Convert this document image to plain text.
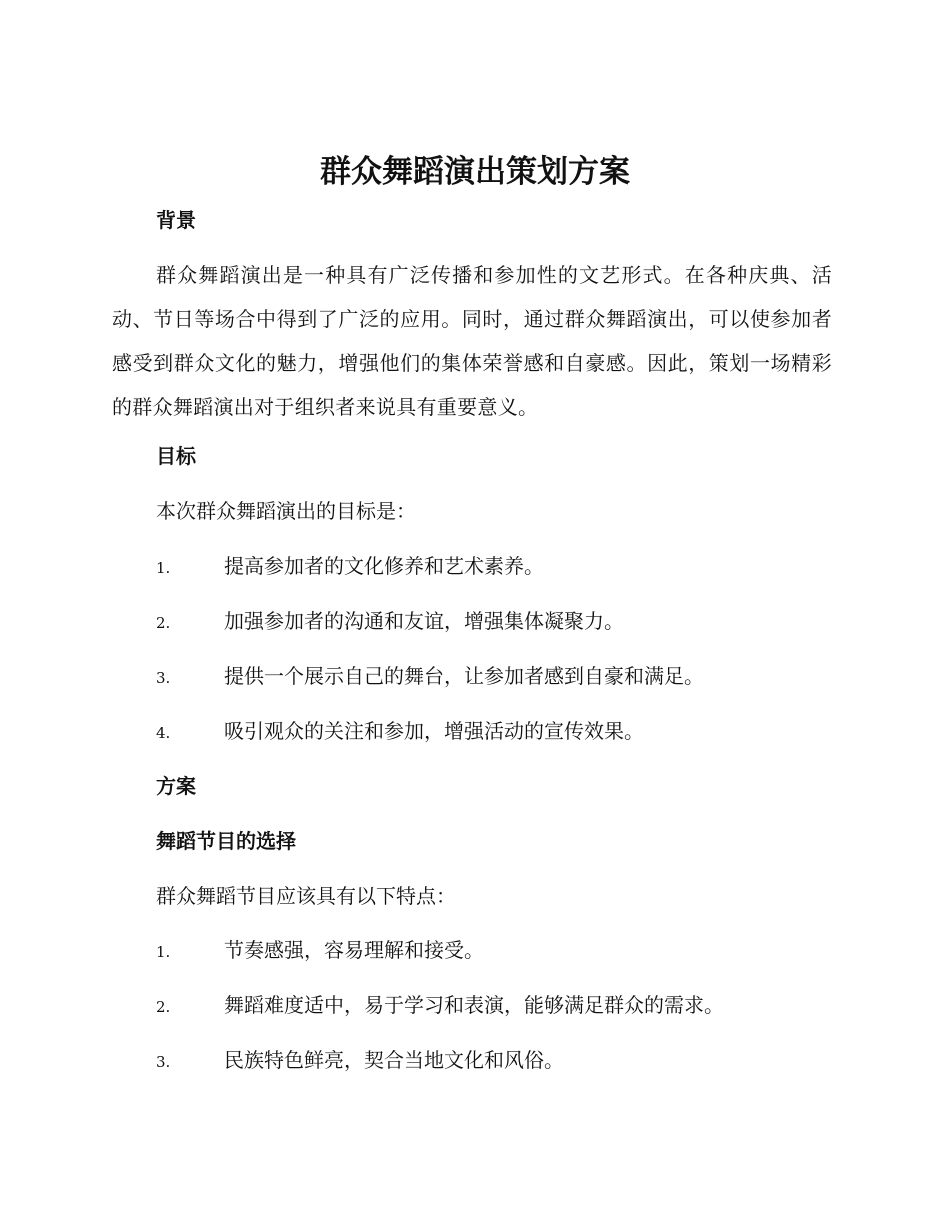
群众舞蹈演出策划方案
背景

群众舞蹈演出是一种具有广泛传播和参加性的文艺形式。在各种庆典、活动、节日等场合中得到了广泛的应用。同时，通过群众舞蹈演出，可以使参加者感受到群众文化的魅力，增强他们的集体荣誉感和自豪感。因此，策划一场精彩的群众舞蹈演出对于组织者来说具有重要意义。

目标

本次群众舞蹈演出的目标是：

1.	提高参加者的文化修养和艺术素养。
2.	加强参加者的沟通和友谊，增强集体凝聚力。
3.	提供一个展示自己的舞台，让参加者感到自豪和满足。
4.	吸引观众的关注和参加，增强活动的宣传效果。
方案
舞蹈节目的选择

群众舞蹈节目应该具有以下特点：

1.	节奏感强，容易理解和接受。
2.	舞蹈难度适中，易于学习和表演，能够满足群众的需求。
3.	民族特色鲜亮，契合当地文化和风俗。
